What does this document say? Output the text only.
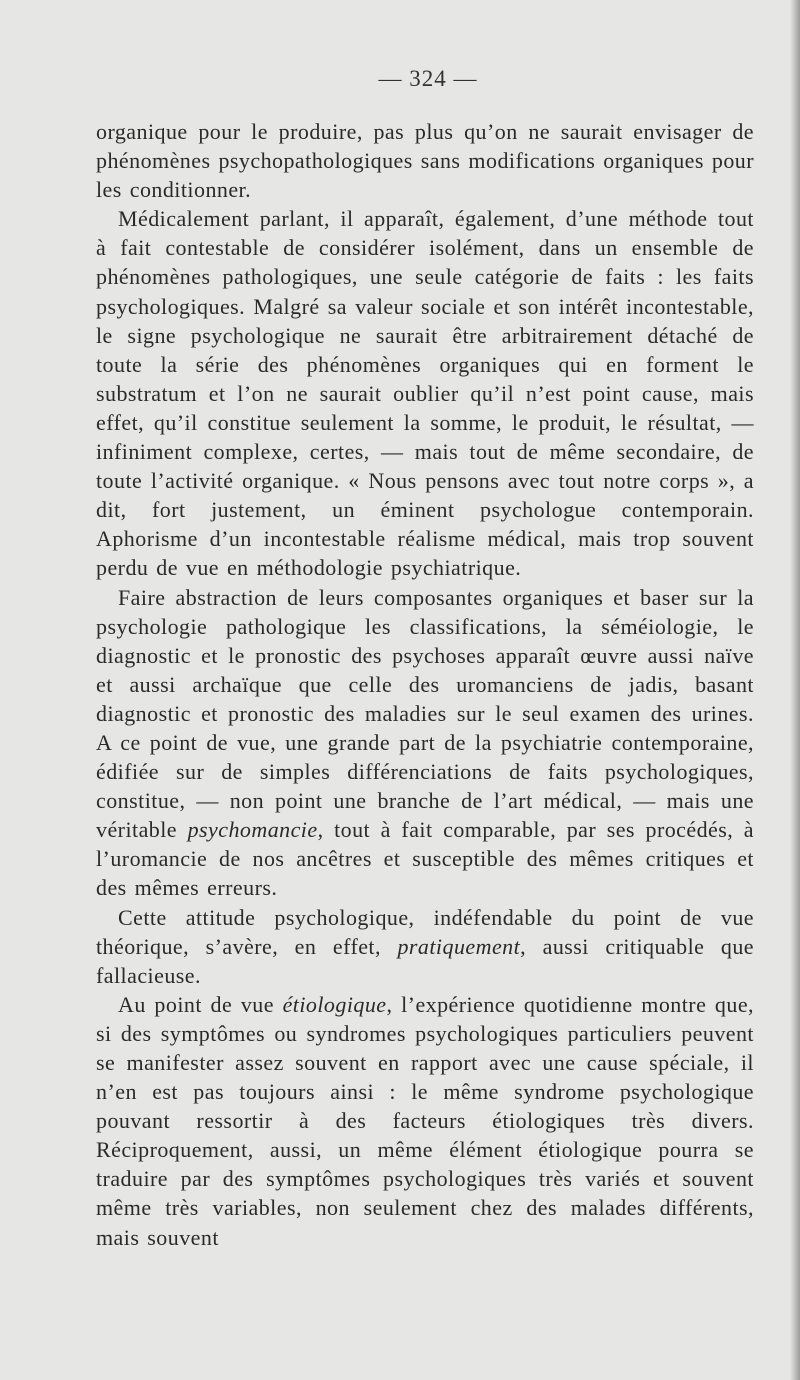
— 324 —

organique pour le produire, pas plus qu’on ne saurait envisager de phénomènes psychopathologiques sans modifications organiques pour les conditionner.

Médicalement parlant, il apparaît, également, d’une méthode tout à fait contestable de considérer isolément, dans un ensemble de phénomènes pathologiques, une seule catégorie de faits : les faits psychologiques. Malgré sa valeur sociale et son intérêt incontestable, le signe psychologique ne saurait être arbitrairement détaché de toute la série des phénomènes organiques qui en forment le substratum et l’on ne saurait oublier qu’il n’est point cause, mais effet, qu’il constitue seulement la somme, le produit, le résultat, — infiniment complexe, certes, — mais tout de même secondaire, de toute l’activité organique. « Nous pensons avec tout notre corps », a dit, fort justement, un éminent psychologue contemporain. Aphorisme d’un incontestable réalisme médical, mais trop souvent perdu de vue en méthodologie psychiatrique.

Faire abstraction de leurs composantes organiques et baser sur la psychologie pathologique les classifications, la séméiologie, le diagnostic et le pronostic des psychoses apparaît œuvre aussi naïve et aussi archaïque que celle des uromanciens de jadis, basant diagnostic et pronostic des maladies sur le seul examen des urines. A ce point de vue, une grande part de la psychiatrie contemporaine, édifiée sur de simples différenciations de faits psychologiques, constitue, — non point une branche de l’art médical, — mais une véritable psychomancie, tout à fait comparable, par ses procédés, à l’uromancie de nos ancêtres et susceptible des mêmes critiques et des mêmes erreurs.

Cette attitude psychologique, indéfendable du point de vue théorique, s’avère, en effet, pratiquement, aussi critiquable que fallacieuse.

Au point de vue étiologique, l’expérience quotidienne montre que, si des symptômes ou syndromes psychologiques particuliers peuvent se manifester assez souvent en rapport avec une cause spéciale, il n’en est pas toujours ainsi : le même syndrome psychologique pouvant ressortir à des facteurs étiologiques très divers. Réciproquement, aussi, un même élément étiologique pourra se traduire par des symptômes psychologiques très variés et souvent même très variables, non seulement chez des malades différents, mais souvent
